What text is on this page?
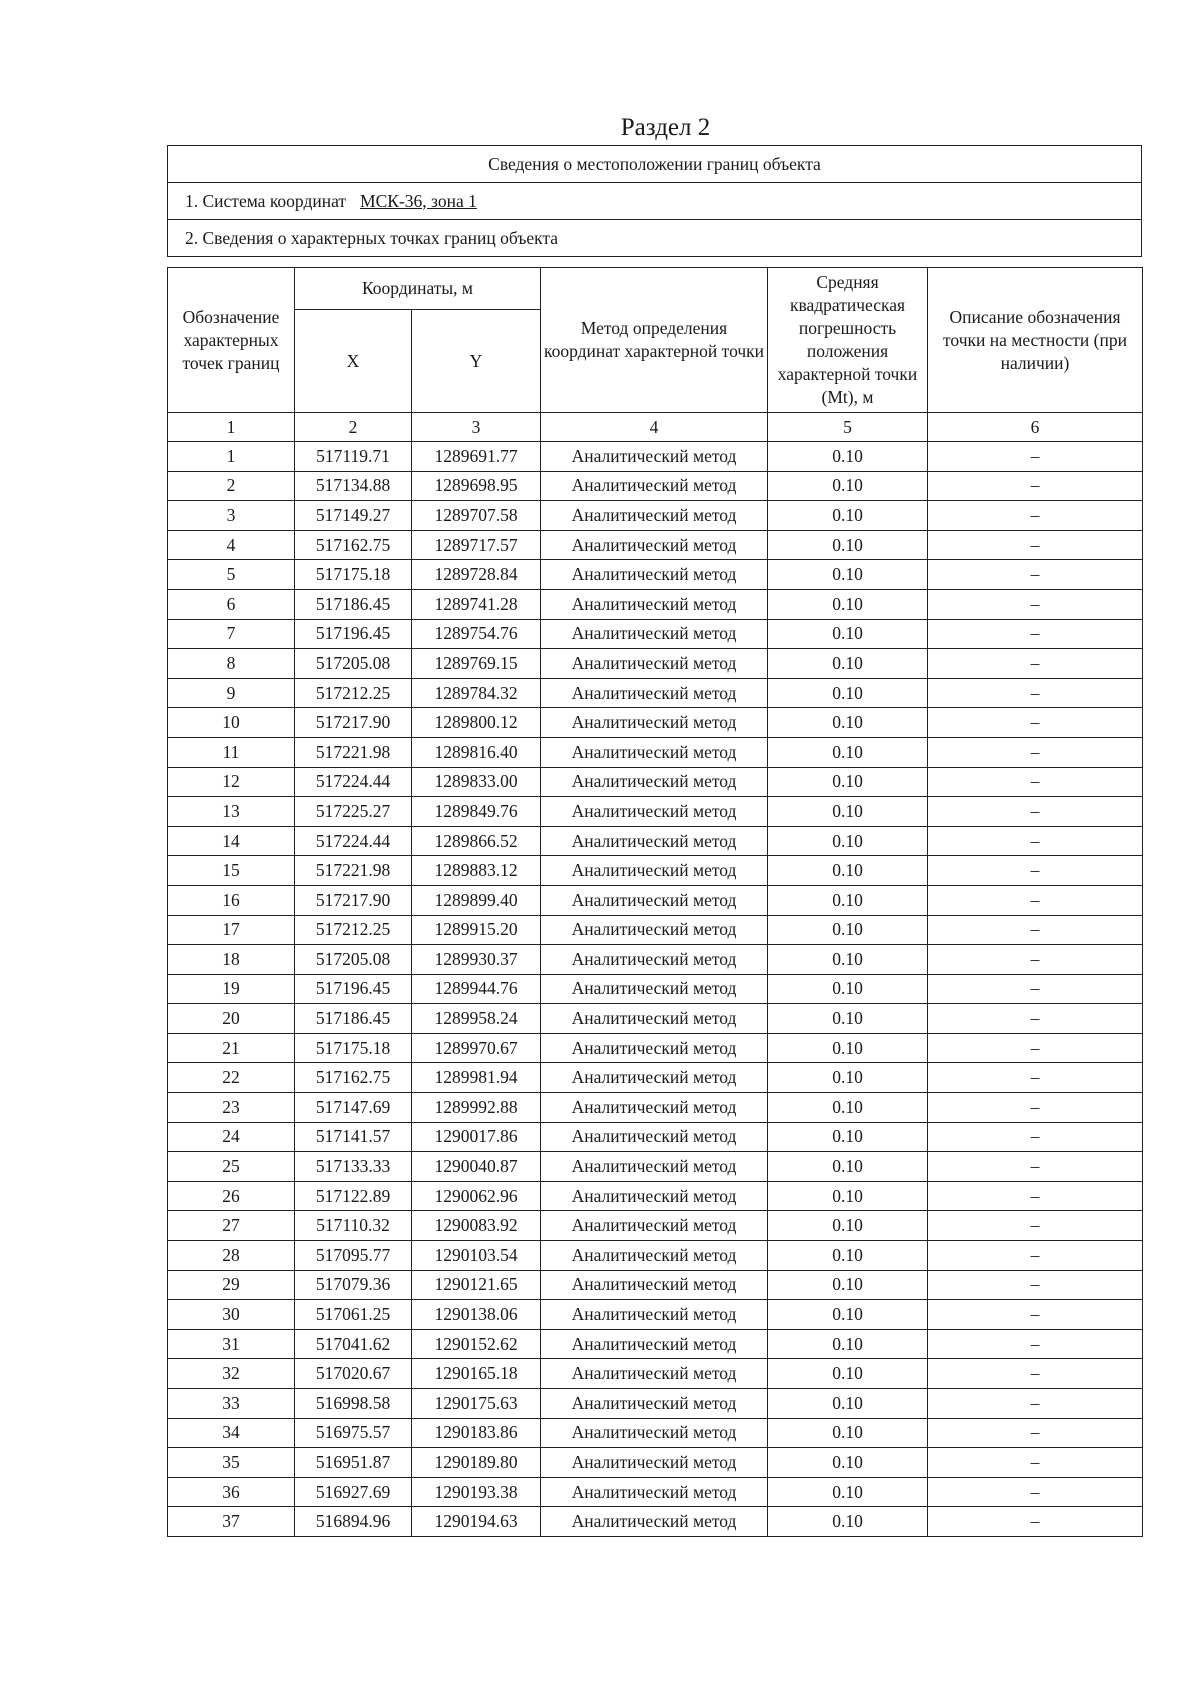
Раздел 2
Сведения о местоположении границ объекта
1. Система координат МСК-36, зона 1
2. Сведения о характерных точках границ объекта
Обозначение характерных точек границ	Координаты, м		Метод определения координат характерной точки	Средняя квадратическая погрешность положения характерной точки (Mt), м	Описание обозначения точки на местности (при наличии)
	X	Y			
1	2	3	4	5	6
1	517119.71	1289691.77	Аналитический метод	0.10	–
2	517134.88	1289698.95	Аналитический метод	0.10	–
3	517149.27	1289707.58	Аналитический метод	0.10	–
4	517162.75	1289717.57	Аналитический метод	0.10	–
5	517175.18	1289728.84	Аналитический метод	0.10	–
6	517186.45	1289741.28	Аналитический метод	0.10	–
7	517196.45	1289754.76	Аналитический метод	0.10	–
8	517205.08	1289769.15	Аналитический метод	0.10	–
9	517212.25	1289784.32	Аналитический метод	0.10	–
10	517217.90	1289800.12	Аналитический метод	0.10	–
11	517221.98	1289816.40	Аналитический метод	0.10	–
12	517224.44	1289833.00	Аналитический метод	0.10	–
13	517225.27	1289849.76	Аналитический метод	0.10	–
14	517224.44	1289866.52	Аналитический метод	0.10	–
15	517221.98	1289883.12	Аналитический метод	0.10	–
16	517217.90	1289899.40	Аналитический метод	0.10	–
17	517212.25	1289915.20	Аналитический метод	0.10	–
18	517205.08	1289930.37	Аналитический метод	0.10	–
19	517196.45	1289944.76	Аналитический метод	0.10	–
20	517186.45	1289958.24	Аналитический метод	0.10	–
21	517175.18	1289970.67	Аналитический метод	0.10	–
22	517162.75	1289981.94	Аналитический метод	0.10	–
23	517147.69	1289992.88	Аналитический метод	0.10	–
24	517141.57	1290017.86	Аналитический метод	0.10	–
25	517133.33	1290040.87	Аналитический метод	0.10	–
26	517122.89	1290062.96	Аналитический метод	0.10	–
27	517110.32	1290083.92	Аналитический метод	0.10	–
28	517095.77	1290103.54	Аналитический метод	0.10	–
29	517079.36	1290121.65	Аналитический метод	0.10	–
30	517061.25	1290138.06	Аналитический метод	0.10	–
31	517041.62	1290152.62	Аналитический метод	0.10	–
32	517020.67	1290165.18	Аналитический метод	0.10	–
33	516998.58	1290175.63	Аналитический метод	0.10	–
34	516975.57	1290183.86	Аналитический метод	0.10	–
35	516951.87	1290189.80	Аналитический метод	0.10	–
36	516927.69	1290193.38	Аналитический метод	0.10	–
37	516894.96	1290194.63	Аналитический метод	0.10	–
